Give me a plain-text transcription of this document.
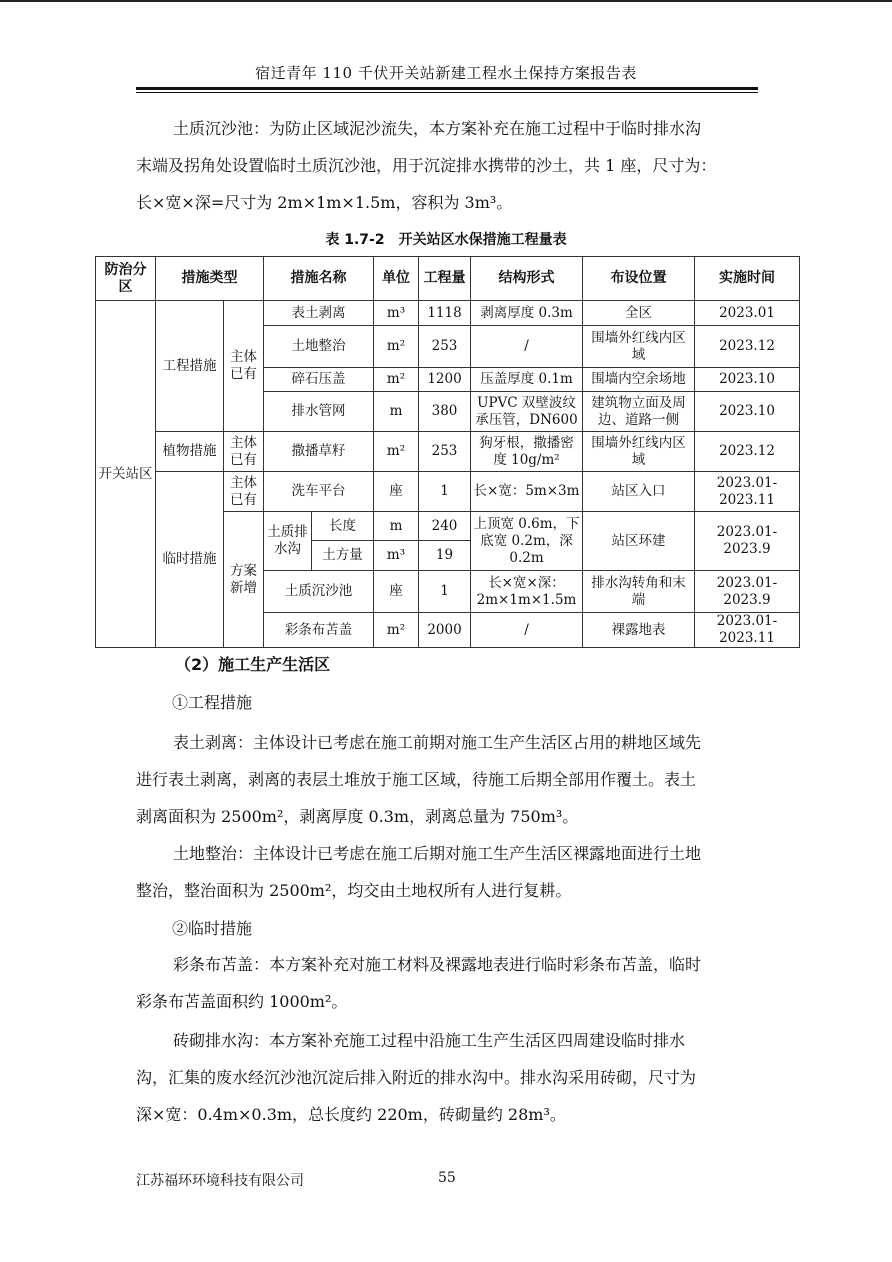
宿迁青年 110 千伏开关站新建工程水土保持方案报告表
土质沉沙池：为防止区域泥沙流失，本方案补充在施工过程中于临时排水沟
末端及拐角处设置临时土质沉沙池，用于沉淀排水携带的沙土，共 1 座，尺寸为：
长×宽×深=尺寸为 2m×1m×1.5m，容积为 3m³。
表 1.7-2　开关站区水保措施工程量表
防治分区	措施类型		措施名称		单位	工程量	结构形式	布设位置	实施时间
开关站区	工程措施	主体已有	表土剥离		m³	1118	剥离厚度 0.3m	全区	2023.01
			土地整治		m²	253	/	围墙外红线内区域	2023.12
			碎石压盖		m²	1200	压盖厚度 0.1m	围墙内空余场地	2023.10
			排水管网		m	380	UPVC 双壁波纹承压管，DN600	建筑物立面及周边、道路一侧	2023.10
	植物措施	主体已有	撒播草籽		m²	253	狗牙根，撒播密度 10g/m²	围墙外红线内区域	2023.12
	临时措施	主体已有	洗车平台		座	1	长×宽：5m×3m	站区入口	2023.01-2023.11
		方案新增	土质排水沟	长度	m	240	上顶宽 0.6m，下底宽 0.2m，深 0.2m	站区环建	2023.01-2023.9
				土方量	m³	19			
			土质沉沙池		座	1	长×宽×深：2m×1m×1.5m	排水沟转角和末端	2023.01-2023.9
			彩条布苫盖		m²	2000	/	裸露地表	2023.01-2023.11
（2）施工生产生活区
①工程措施
表土剥离：主体设计已考虑在施工前期对施工生产生活区占用的耕地区域先
进行表土剥离，剥离的表层土堆放于施工区域，待施工后期全部用作覆土。表土
剥离面积为 2500m²，剥离厚度 0.3m，剥离总量为 750m³。
土地整治：主体设计已考虑在施工后期对施工生产生活区裸露地面进行土地
整治，整治面积为 2500m²，均交由土地权所有人进行复耕。
②临时措施
彩条布苫盖：本方案补充对施工材料及裸露地表进行临时彩条布苫盖，临时
彩条布苫盖面积约 1000m²。
砖砌排水沟：本方案补充施工过程中沿施工生产生活区四周建设临时排水
沟，汇集的废水经沉沙池沉淀后排入附近的排水沟中。排水沟采用砖砌，尺寸为
深×宽：0.4m×0.3m，总长度约 220m，砖砌量约 28m³。
江苏福环环境科技有限公司	55
